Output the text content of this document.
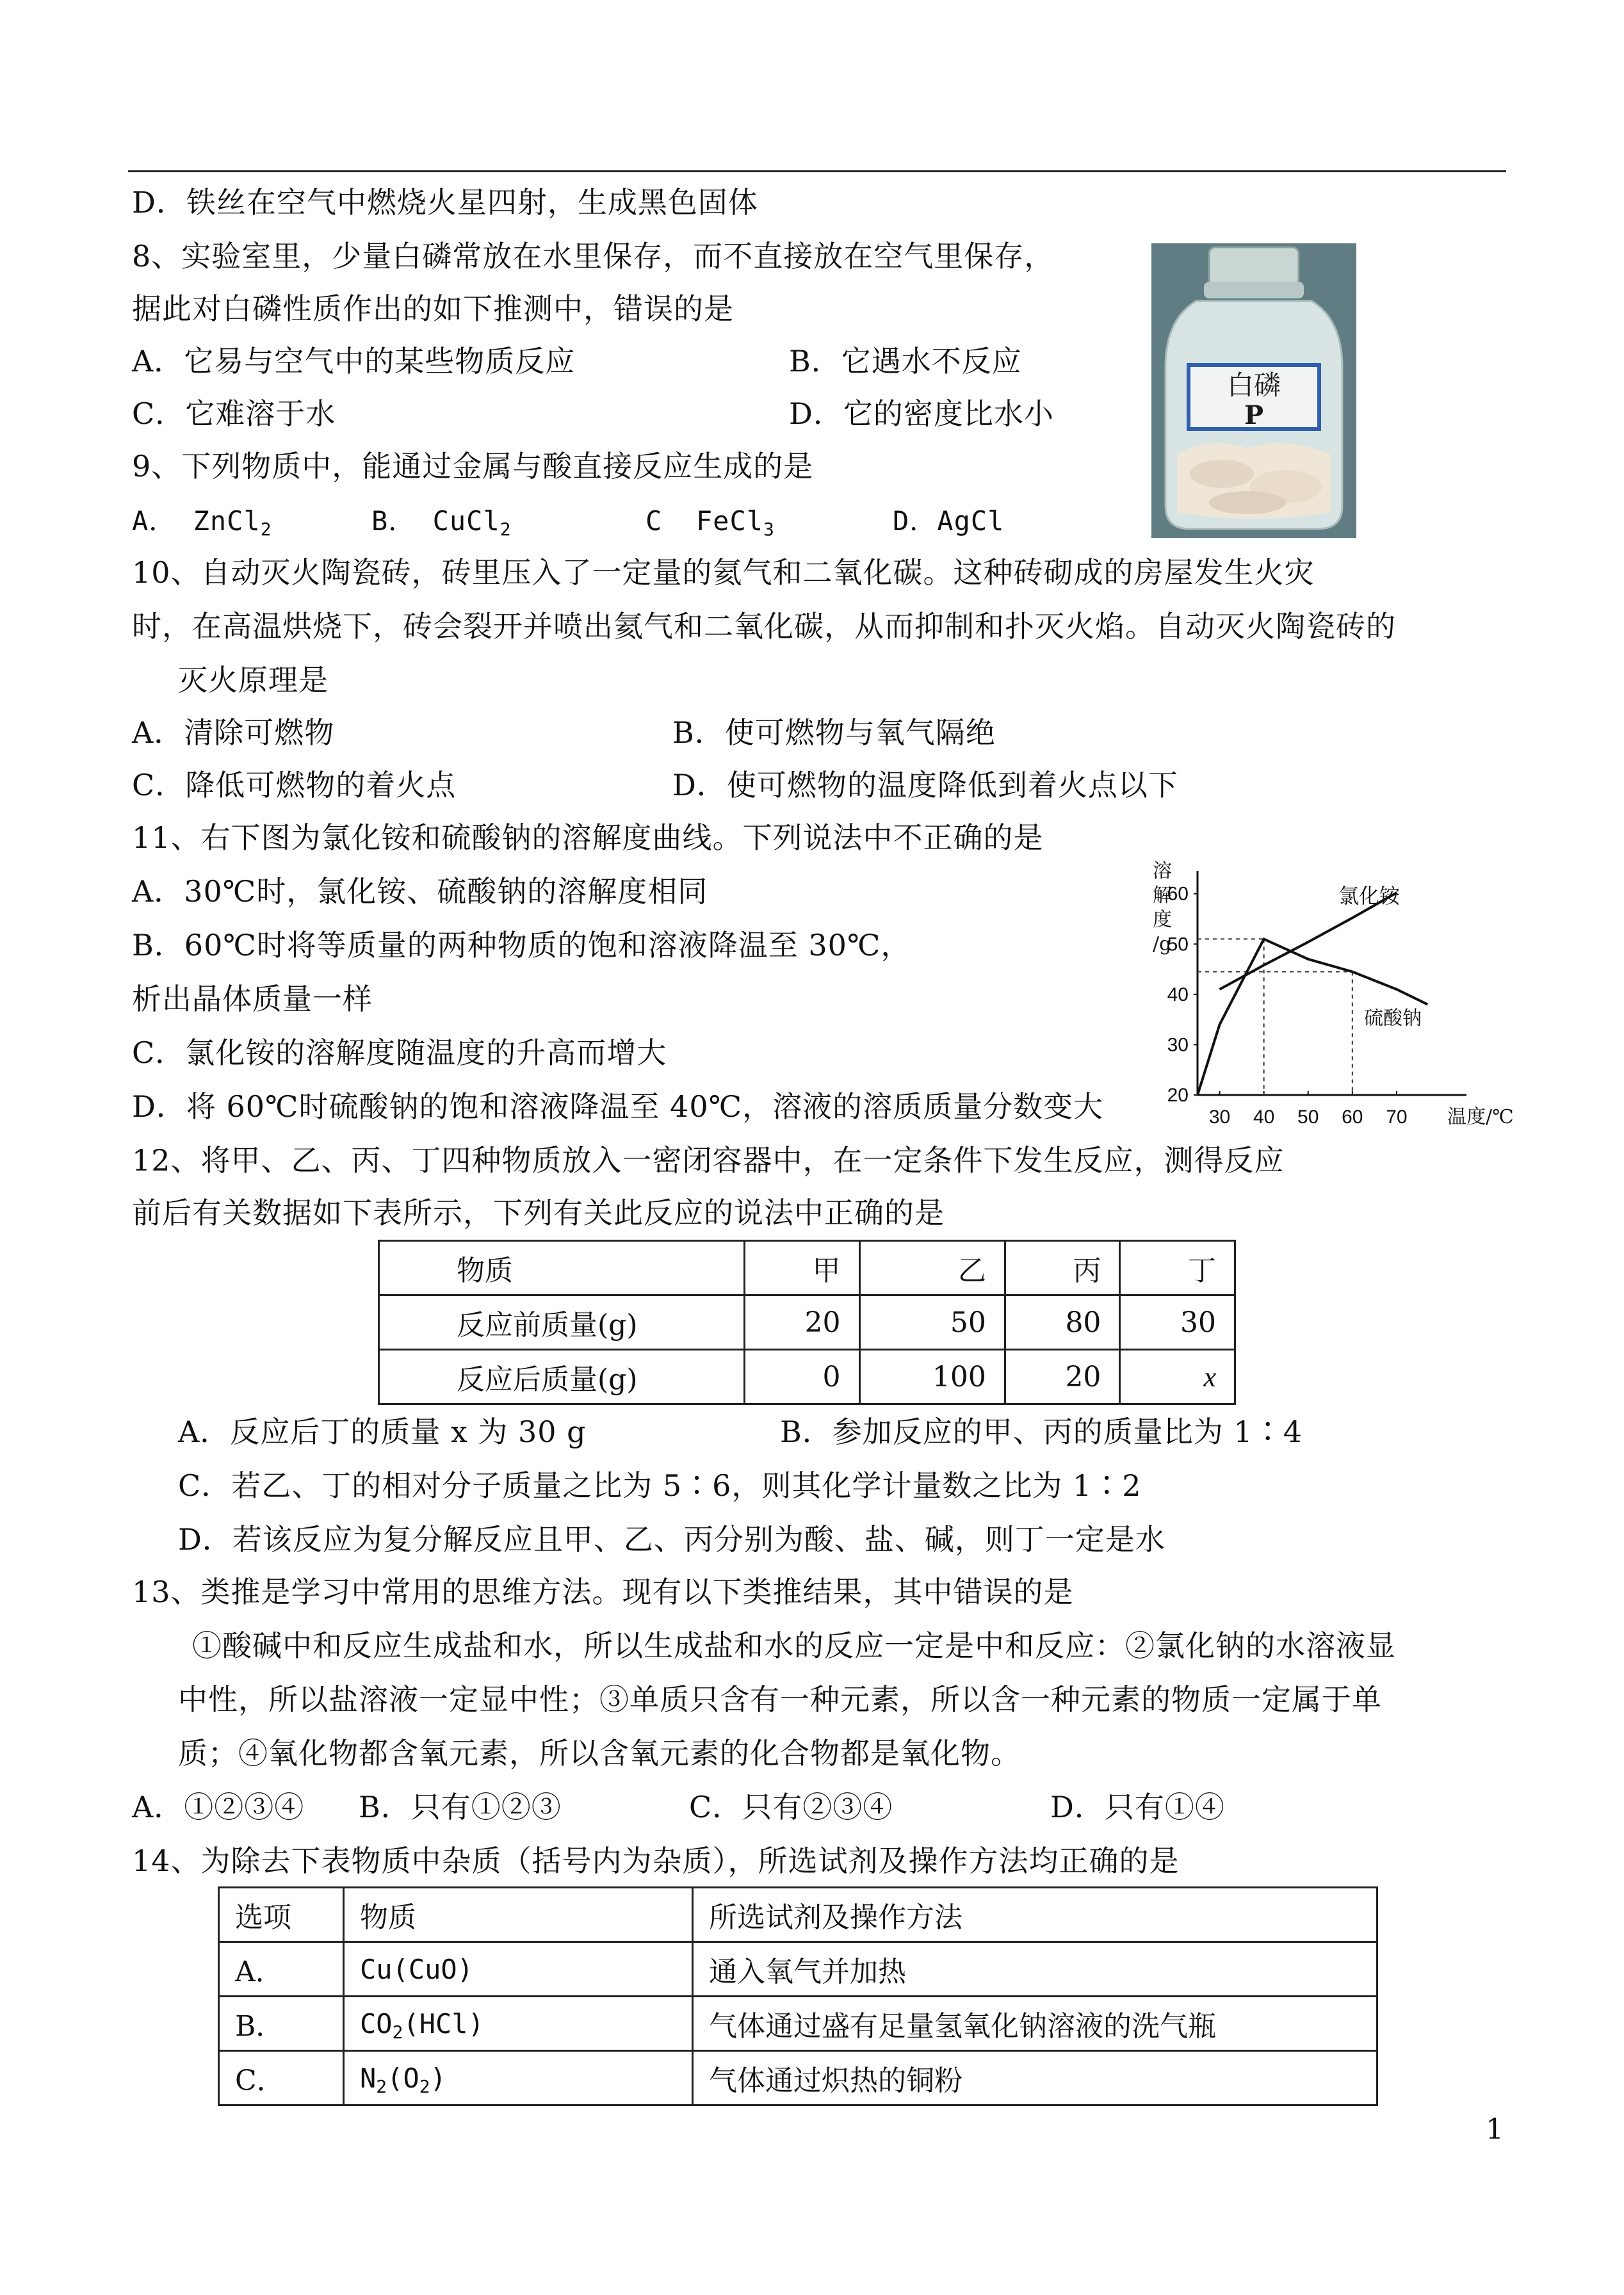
D．铁丝在空气中燃烧火星四射，生成黑色固体
8、实验室里，少量白磷常放在水里保存，而不直接放在空气里保存，
据此对白磷性质作出的如下推测中，错误的是
A．它易与空气中的某些物质反应	B．它遇水不反应
C．它难溶于水	D．它的密度比水小
白磷
P
9、下列物质中，能通过金属与酸直接反应生成的是
A． ZnCl$_2$	B． CuCl$_2$	C FeCl$_3$	D．AgCl
10、自动灭火陶瓷砖，砖里压入了一定量的氦气和二氧化碳。这种砖砌成的房屋发生火灾
时，在高温烘烧下，砖会裂开并喷出氦气和二氧化碳，从而抑制和扑灭火焰。自动灭火陶瓷砖的
灭火原理是
A．清除可燃物	B．使可燃物与氧气隔绝
C．降低可燃物的着火点	D．使可燃物的温度降低到着火点以下
11、右下图为氯化铵和硫酸钠的溶解度曲线。下列说法中不正确的是
A．30℃时，氯化铵、硫酸钠的溶解度相同
B．60℃时将等质量的两种物质的饱和溶液降温至 30℃，
析出晶体质量一样
C．氯化铵的溶解度随温度的升高而增大
D．将 60℃时硫酸钠的饱和溶液降温至 40℃，溶液的溶质质量分数变大
溶
解
度
/g
20
30
40
50
60
30 40 50 60 70 温度/℃
氯化铵
硫酸钠
12、将甲、乙、丙、丁四种物质放入一密闭容器中，在一定条件下发生反应，测得反应
前后有关数据如下表所示，下列有关此反应的说法中正确的是
物质	甲	乙	丙	丁
反应前质量(g)	20	50	80	30
反应后质量(g)	0	100	20	x
A．反应后丁的质量 x 为 30 g	B．参加反应的甲、丙的质量比为 1∶4
C．若乙、丁的相对分子质量之比为 5∶6，则其化学计量数之比为 1∶2
D．若该反应为复分解反应且甲、乙、丙分别为酸、盐、碱，则丁一定是水
13、类推是学习中常用的思维方法。现有以下类推结果，其中错误的是
①酸碱中和反应生成盐和水，所以生成盐和水的反应一定是中和反应：②氯化钠的水溶液显
中性，所以盐溶液一定显中性；③单质只含有一种元素，所以含一种元素的物质一定属于单
质；④氧化物都含氧元素，所以含氧元素的化合物都是氧化物。
A．①②③④ B．只有①②③	C．只有②③④	D．只有①④
14、为除去下表物质中杂质（括号内为杂质），所选试剂及操作方法均正确的是
选项	物质	所选试剂及操作方法
A．	Cu(CuO)	通入氧气并加热
B．	$CO_2(HCl)$	气体通过盛有足量氢氧化钠溶液的洗气瓶
C．	$N_2(O_2)$	气体通过炽热的铜粉
1
